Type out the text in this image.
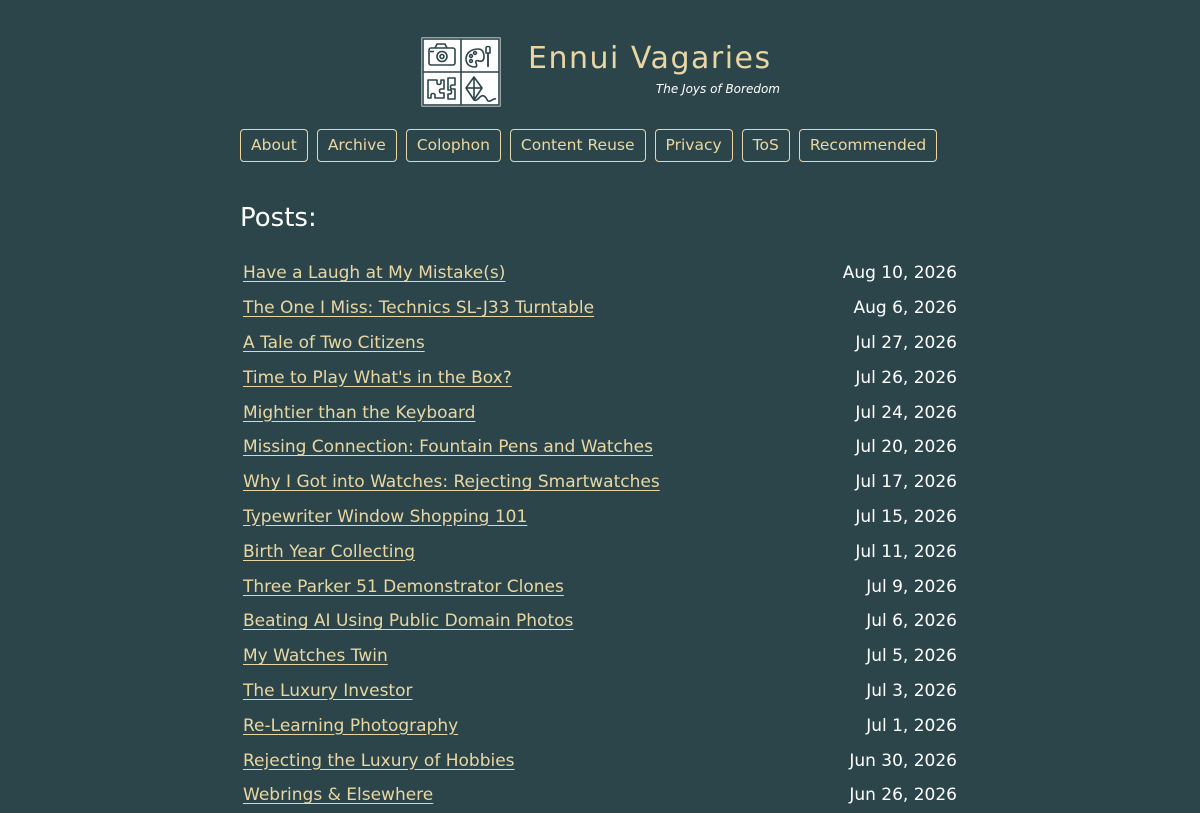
Ennui Vagaries
The Joys of Boredom
About	Archive	Colophon	Content Reuse	Privacy	ToS	Recommended
Posts:
Have a Laugh at My Mistake(s)	Aug 10, 2026
The One I Miss: Technics SL-J33 Turntable	Aug 6, 2026
A Tale of Two Citizens	Jul 27, 2026
Time to Play What's in the Box?	Jul 26, 2026
Mightier than the Keyboard	Jul 24, 2026
Missing Connection: Fountain Pens and Watches	Jul 20, 2026
Why I Got into Watches: Rejecting Smartwatches	Jul 17, 2026
Typewriter Window Shopping 101	Jul 15, 2026
Birth Year Collecting	Jul 11, 2026
Three Parker 51 Demonstrator Clones	Jul 9, 2026
Beating AI Using Public Domain Photos	Jul 6, 2026
My Watches Twin	Jul 5, 2026
The Luxury Investor	Jul 3, 2026
Re-Learning Photography	Jul 1, 2026
Rejecting the Luxury of Hobbies	Jun 30, 2026
Webrings & Elsewhere	Jun 26, 2026
